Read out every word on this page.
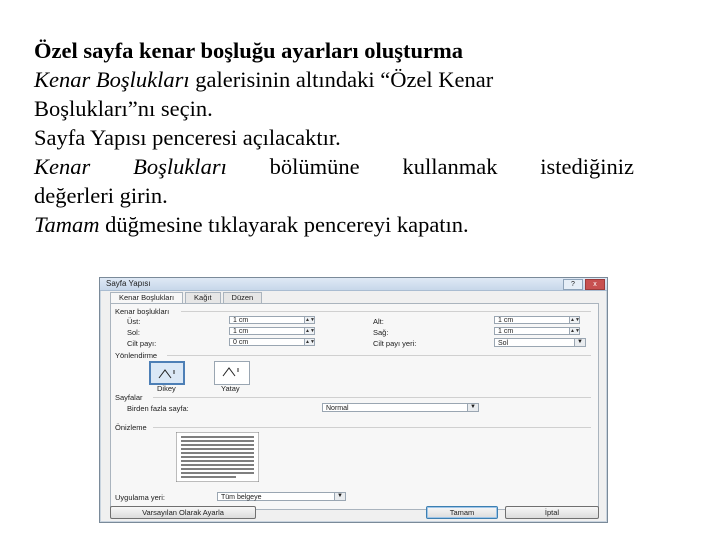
Özel sayfa kenar boşluğu ayarları oluşturma
Kenar Boşlukları galerisinin altındaki “Özel Kenar
Boşlukları”nı seçin.
Sayfa Yapısı penceresi açılacaktır.
Kenar Boşlukları bölümüne kullanmak istediğiniz
değerleri girin.
Tamam düğmesine tıklayarak pencereyi kapatın.
Sayfa Yapısı	?	x
Kenar Boşlukları	Kağıt	Düzen
Kenar boşlukları
Üst:	1 cm	▲▼	Alt:	1 cm	▲▼
Sol:	1 cm	▲▼	Sağ:	1 cm	▲▼
Cilt payı:	0 cm	▲▼	Cilt payı yeri:	Sol	▼
Yönlendirme
Dikey	Yatay
Sayfalar
Birden fazla sayfa:	Normal	▼
Önizleme
Uygulama yeri:	Tüm belgeye	▼
Varsayılan Olarak Ayarla	Tamam	İptal
